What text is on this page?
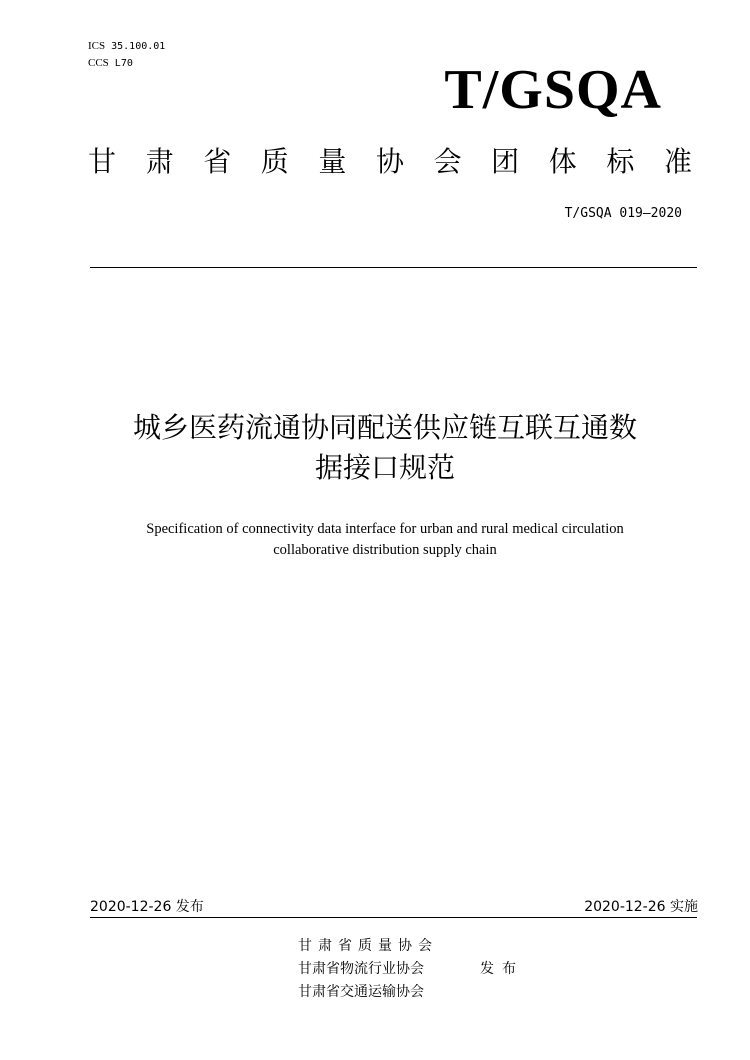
ICS 35.100.01
CCS L70	T/GSQA
甘 肃 省 质 量 协 会 团 体 标 准
T/GSQA 019—2020
城乡医药流通协同配送供应链互联互通数
据接口规范
Specification of connectivity data interface for urban and rural medical circulation
collaborative distribution supply chain
2020-12-26 发布	2020-12-26 实施
甘肃省质量协会
甘肃省物流行业协会
甘肃省交通运输协会
发布
